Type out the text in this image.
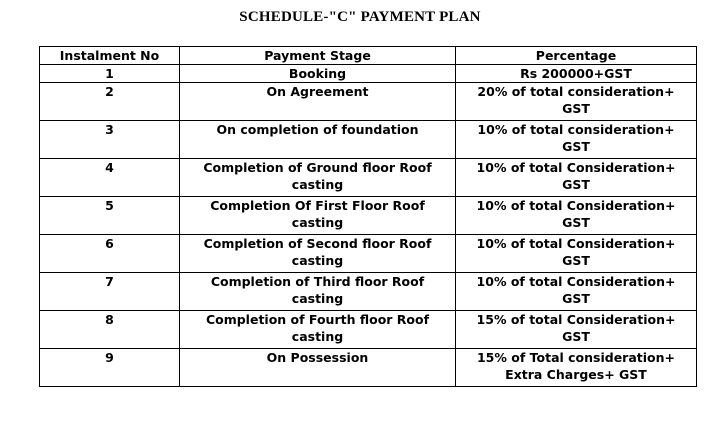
SCHEDULE-"C" PAYMENT PLAN
Instalment No	Payment Stage	Percentage
1	Booking	Rs 200000+GST

2	On Agreement	20% of total consideration+
GST

3	On completion of foundation	10% of total consideration+
GST

4	Completion of Ground floor Roof casting	10% of total Consideration+
GST

5	Completion Of First Floor Roof casting	10% of total Consideration+
GST

6	Completion of Second floor Roof casting	10% of total Consideration+
GST

7	Completion of Third floor Roof casting	10% of total Consideration+
GST

8	Completion of Fourth floor Roof casting	15% of total Consideration+
GST

9	On Possession	15% of Total consideration+
Extra Charges+ GST
